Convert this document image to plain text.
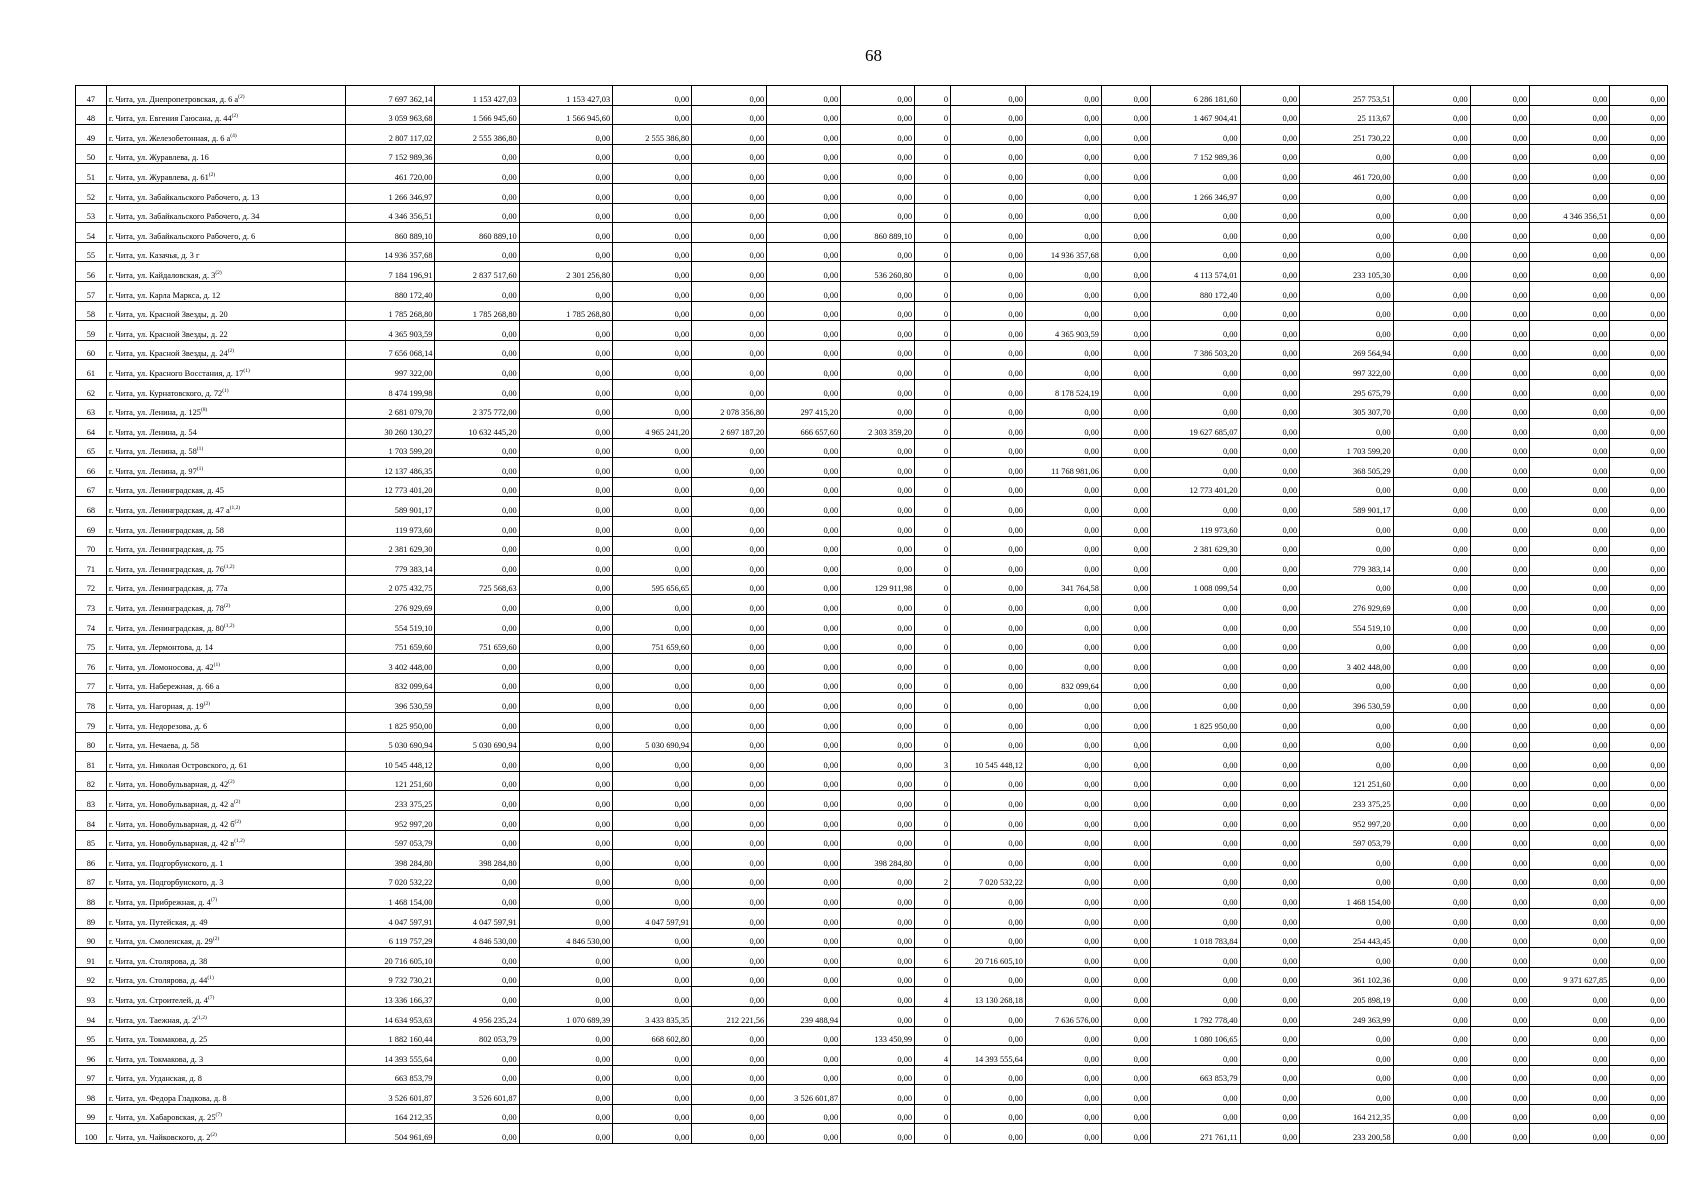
68
47	г. Чита, ул. Днепропетровская, д. 6 $а^{(2)}$	7 697 362,14	1 153 427,03	1 153 427,03	0,00	0,00	0,00	0,00	0	0,00	0,00	0,00	6 286 181,60	0,00	257 753,51	0,00	0,00	0,00	0,00
48	г. Чита, ул. Евгения Гаюсана, д. 44$^{(2)}$	3 059 963,68	1 566 945,60	1 566 945,60	0,00	0,00	0,00	0,00	0	0,00	0,00	0,00	1 467 904,41	0,00	25 113,67	0,00	0,00	0,00	0,00
49	г. Чита, ул. Железобетонная, д. 6 $а^{(4)}$	2 807 117,02	2 555 386,80	0,00	2 555 386,80	0,00	0,00	0,00	0	0,00	0,00	0,00	0,00	0,00	251 730,22	0,00	0,00	0,00	0,00
50	г. Чита, ул. Журавлева, д. 16	7 152 989,36	0,00	0,00	0,00	0,00	0,00	0,00	0	0,00	0,00	0,00	7 152 989,36	0,00	0,00	0,00	0,00	0,00	0,00
51	г. Чита, ул. Журавлева, д. 61$^{(2)}$	461 720,00	0,00	0,00	0,00	0,00	0,00	0,00	0	0,00	0,00	0,00	0,00	0,00	461 720,00	0,00	0,00	0,00	0,00
52	г. Чита, ул. Забайкальского Рабочего, д. 13	1 266 346,97	0,00	0,00	0,00	0,00	0,00	0,00	0	0,00	0,00	0,00	1 266 346,97	0,00	0,00	0,00	0,00	0,00	0,00
53	г. Чита, ул. Забайкальского Рабочего, д. 34	4 346 356,51	0,00	0,00	0,00	0,00	0,00	0,00	0	0,00	0,00	0,00	0,00	0,00	0,00	0,00	0,00	4 346 356,51	0,00
54	г. Чита, ул. Забайкальского Рабочего, д. 6	860 889,10	860 889,10	0,00	0,00	0,00	0,00	860 889,10	0	0,00	0,00	0,00	0,00	0,00	0,00	0,00	0,00	0,00	0,00
55	г. Чита, ул. Казачья, д. 3 г	14 936 357,68	0,00	0,00	0,00	0,00	0,00	0,00	0	0,00	14 936 357,68	0,00	0,00	0,00	0,00	0,00	0,00	0,00	0,00
56	г. Чита, ул. Кайдаловская, д. 3$^{(2)}$	7 184 196,91	2 837 517,60	2 301 256,80	0,00	0,00	0,00	536 260,80	0	0,00	0,00	0,00	4 113 574,01	0,00	233 105,30	0,00	0,00	0,00	0,00
57	г. Чита, ул. Карла Маркса, д. 12	880 172,40	0,00	0,00	0,00	0,00	0,00	0,00	0	0,00	0,00	0,00	880 172,40	0,00	0,00	0,00	0,00	0,00	0,00
58	г. Чита, ул. Красной Звезды, д. 20	1 785 268,80	1 785 268,80	1 785 268,80	0,00	0,00	0,00	0,00	0	0,00	0,00	0,00	0,00	0,00	0,00	0,00	0,00	0,00	0,00
59	г. Чита, ул. Красной Звезды, д. 22	4 365 903,59	0,00	0,00	0,00	0,00	0,00	0,00	0	0,00	4 365 903,59	0,00	0,00	0,00	0,00	0,00	0,00	0,00	0,00
60	г. Чита, ул. Красной Звезды, д. 24$^{(2)}$	7 656 068,14	0,00	0,00	0,00	0,00	0,00	0,00	0	0,00	0,00	0,00	7 386 503,20	0,00	269 564,94	0,00	0,00	0,00	0,00
61	г. Чита, ул. Красного Восстания, д. 17$^{(1)}$	997 322,00	0,00	0,00	0,00	0,00	0,00	0,00	0	0,00	0,00	0,00	0,00	0,00	997 322,00	0,00	0,00	0,00	0,00
62	г. Чита, ул. Курнатовского, д. 72$^{(1)}$	8 474 199,98	0,00	0,00	0,00	0,00	0,00	0,00	0	0,00	8 178 524,19	0,00	0,00	0,00	295 675,79	0,00	0,00	0,00	0,00
63	г. Чита, ул. Ленина, д. 125$^{(8)}$	2 681 079,70	2 375 772,00	0,00	0,00	2 078 356,80	297 415,20	0,00	0	0,00	0,00	0,00	0,00	0,00	305 307,70	0,00	0,00	0,00	0,00
64	г. Чита, ул. Ленина, д. 54	30 260 130,27	10 632 445,20	0,00	4 965 241,20	2 697 187,20	666 657,60	2 303 359,20	0	0,00	0,00	0,00	19 627 685,07	0,00	0,00	0,00	0,00	0,00	0,00
65	г. Чита, ул. Ленина, д. 58$^{(1)}$	1 703 599,20	0,00	0,00	0,00	0,00	0,00	0,00	0	0,00	0,00	0,00	0,00	0,00	1 703 599,20	0,00	0,00	0,00	0,00
66	г. Чита, ул. Ленина, д. 97$^{(1)}$	12 137 486,35	0,00	0,00	0,00	0,00	0,00	0,00	0	0,00	11 768 981,06	0,00	0,00	0,00	368 505,29	0,00	0,00	0,00	0,00
67	г. Чита, ул. Ленинградская, д. 45	12 773 401,20	0,00	0,00	0,00	0,00	0,00	0,00	0	0,00	0,00	0,00	12 773 401,20	0,00	0,00	0,00	0,00	0,00	0,00
68	г. Чита, ул. Ленинградская, д. 47 $а^{(1,2)}$	589 901,17	0,00	0,00	0,00	0,00	0,00	0,00	0	0,00	0,00	0,00	0,00	0,00	589 901,17	0,00	0,00	0,00	0,00
69	г. Чита, ул. Ленинградская, д. 58	119 973,60	0,00	0,00	0,00	0,00	0,00	0,00	0	0,00	0,00	0,00	119 973,60	0,00	0,00	0,00	0,00	0,00	0,00
70	г. Чита, ул. Ленинградская, д. 75	2 381 629,30	0,00	0,00	0,00	0,00	0,00	0,00	0	0,00	0,00	0,00	2 381 629,30	0,00	0,00	0,00	0,00	0,00	0,00
71	г. Чита, ул. Ленинградская, д. 76$^{(1,2)}$	779 383,14	0,00	0,00	0,00	0,00	0,00	0,00	0	0,00	0,00	0,00	0,00	0,00	779 383,14	0,00	0,00	0,00	0,00
72	г. Чита, ул. Ленинградская, д. 77а	2 075 432,75	725 568,63	0,00	595 656,65	0,00	0,00	129 911,98	0	0,00	341 764,58	0,00	1 008 099,54	0,00	0,00	0,00	0,00	0,00	0,00
73	г. Чита, ул. Ленинградская, д. 78$^{(2)}$	276 929,69	0,00	0,00	0,00	0,00	0,00	0,00	0	0,00	0,00	0,00	0,00	0,00	276 929,69	0,00	0,00	0,00	0,00
74	г. Чита, ул. Ленинградская, д. 80$^{(1,2)}$	554 519,10	0,00	0,00	0,00	0,00	0,00	0,00	0	0,00	0,00	0,00	0,00	0,00	554 519,10	0,00	0,00	0,00	0,00
75	г. Чита, ул. Лермонтова, д. 14	751 659,60	751 659,60	0,00	751 659,60	0,00	0,00	0,00	0	0,00	0,00	0,00	0,00	0,00	0,00	0,00	0,00	0,00	0,00
76	г. Чита, ул. Ломоносова, д. 42$^{(1)}$	3 402 448,00	0,00	0,00	0,00	0,00	0,00	0,00	0	0,00	0,00	0,00	0,00	0,00	3 402 448,00	0,00	0,00	0,00	0,00
77	г. Чита, ул. Набережная, д. 66 а	832 099,64	0,00	0,00	0,00	0,00	0,00	0,00	0	0,00	832 099,64	0,00	0,00	0,00	0,00	0,00	0,00	0,00	0,00
78	г. Чита, ул. Нагорная, д. 19$^{(2)}$	396 530,59	0,00	0,00	0,00	0,00	0,00	0,00	0	0,00	0,00	0,00	0,00	0,00	396 530,59	0,00	0,00	0,00	0,00
79	г. Чита, ул. Недорезова, д. 6	1 825 950,00	0,00	0,00	0,00	0,00	0,00	0,00	0	0,00	0,00	0,00	1 825 950,00	0,00	0,00	0,00	0,00	0,00	0,00
80	г. Чита, ул. Нечаева, д. 58	5 030 690,94	5 030 690,94	0,00	5 030 690,94	0,00	0,00	0,00	0	0,00	0,00	0,00	0,00	0,00	0,00	0,00	0,00	0,00	0,00
81	г. Чита, ул. Николая Островского, д. 61	10 545 448,12	0,00	0,00	0,00	0,00	0,00	0,00	3	10 545 448,12	0,00	0,00	0,00	0,00	0,00	0,00	0,00	0,00	0,00
82	г. Чита, ул. Новобульварная, д. 42$^{(2)}$	121 251,60	0,00	0,00	0,00	0,00	0,00	0,00	0	0,00	0,00	0,00	0,00	0,00	121 251,60	0,00	0,00	0,00	0,00
83	г. Чита, ул. Новобульварная, д. 42 $а^{(2)}$	233 375,25	0,00	0,00	0,00	0,00	0,00	0,00	0	0,00	0,00	0,00	0,00	0,00	233 375,25	0,00	0,00	0,00	0,00
84	г. Чита, ул. Новобульварная, д. 42 $б^{(2)}$	952 997,20	0,00	0,00	0,00	0,00	0,00	0,00	0	0,00	0,00	0,00	0,00	0,00	952 997,20	0,00	0,00	0,00	0,00
85	г. Чита, ул. Новобульварная, д. 42 $в^{(1,2)}$	597 053,79	0,00	0,00	0,00	0,00	0,00	0,00	0	0,00	0,00	0,00	0,00	0,00	597 053,79	0,00	0,00	0,00	0,00
86	г. Чита, ул. Подгорбунского, д. 1	398 284,80	398 284,80	0,00	0,00	0,00	0,00	398 284,80	0	0,00	0,00	0,00	0,00	0,00	0,00	0,00	0,00	0,00	0,00
87	г. Чита, ул. Подгорбунского, д. 3	7 020 532,22	0,00	0,00	0,00	0,00	0,00	0,00	2	7 020 532,22	0,00	0,00	0,00	0,00	0,00	0,00	0,00	0,00	0,00
88	г. Чита, ул. Прибрежная, д. 4$^{(7)}$	1 468 154,00	0,00	0,00	0,00	0,00	0,00	0,00	0	0,00	0,00	0,00	0,00	0,00	1 468 154,00	0,00	0,00	0,00	0,00
89	г. Чита, ул. Путейская, д. 49	4 047 597,91	4 047 597,91	0,00	4 047 597,91	0,00	0,00	0,00	0	0,00	0,00	0,00	0,00	0,00	0,00	0,00	0,00	0,00	0,00
90	г. Чита, ул. Смоленская, д. 29$^{(2)}$	6 119 757,29	4 846 530,00	4 846 530,00	0,00	0,00	0,00	0,00	0	0,00	0,00	0,00	1 018 783,84	0,00	254 443,45	0,00	0,00	0,00	0,00
91	г. Чита, ул. Столярова, д. 38	20 716 605,10	0,00	0,00	0,00	0,00	0,00	0,00	6	20 716 605,10	0,00	0,00	0,00	0,00	0,00	0,00	0,00	0,00	0,00
92	г. Чита, ул. Столярова, д. 44$^{(1)}$	9 732 730,21	0,00	0,00	0,00	0,00	0,00	0,00	0	0,00	0,00	0,00	0,00	0,00	361 102,36	0,00	0,00	9 371 627,85	0,00
93	г. Чита, ул. Строителей, д. 4$^{(7)}$	13 336 166,37	0,00	0,00	0,00	0,00	0,00	0,00	4	13 130 268,18	0,00	0,00	0,00	0,00	205 898,19	0,00	0,00	0,00	0,00
94	г. Чита, ул. Таежная, д. 2$^{(1,2)}$	14 634 953,63	4 956 235,24	1 070 689,39	3 433 835,35	212 221,56	239 488,94	0,00	0	0,00	7 636 576,00	0,00	1 792 778,40	0,00	249 363,99	0,00	0,00	0,00	0,00
95	г. Чита, ул. Токмакова, д. 25	1 882 160,44	802 053,79	0,00	668 602,80	0,00	0,00	133 450,99	0	0,00	0,00	0,00	1 080 106,65	0,00	0,00	0,00	0,00	0,00	0,00
96	г. Чита, ул. Токмакова, д. 3	14 393 555,64	0,00	0,00	0,00	0,00	0,00	0,00	4	14 393 555,64	0,00	0,00	0,00	0,00	0,00	0,00	0,00	0,00	0,00
97	г. Чита, ул. Угданская, д. 8	663 853,79	0,00	0,00	0,00	0,00	0,00	0,00	0	0,00	0,00	0,00	663 853,79	0,00	0,00	0,00	0,00	0,00	0,00
98	г. Чита, ул. Федора Гладкова, д. 8	3 526 601,87	3 526 601,87	0,00	0,00	0,00	3 526 601,87	0,00	0	0,00	0,00	0,00	0,00	0,00	0,00	0,00	0,00	0,00	0,00
99	г. Чита, ул. Хабаровская, д. 25$^{(7)}$	164 212,35	0,00	0,00	0,00	0,00	0,00	0,00	0	0,00	0,00	0,00	0,00	0,00	164 212,35	0,00	0,00	0,00	0,00
100	г. Чита, ул. Чайковского, д. 2$^{(2)}$	504 961,69	0,00	0,00	0,00	0,00	0,00	0,00	0	0,00	0,00	0,00	271 761,11	0,00	233 200,58	0,00	0,00	0,00	0,00
